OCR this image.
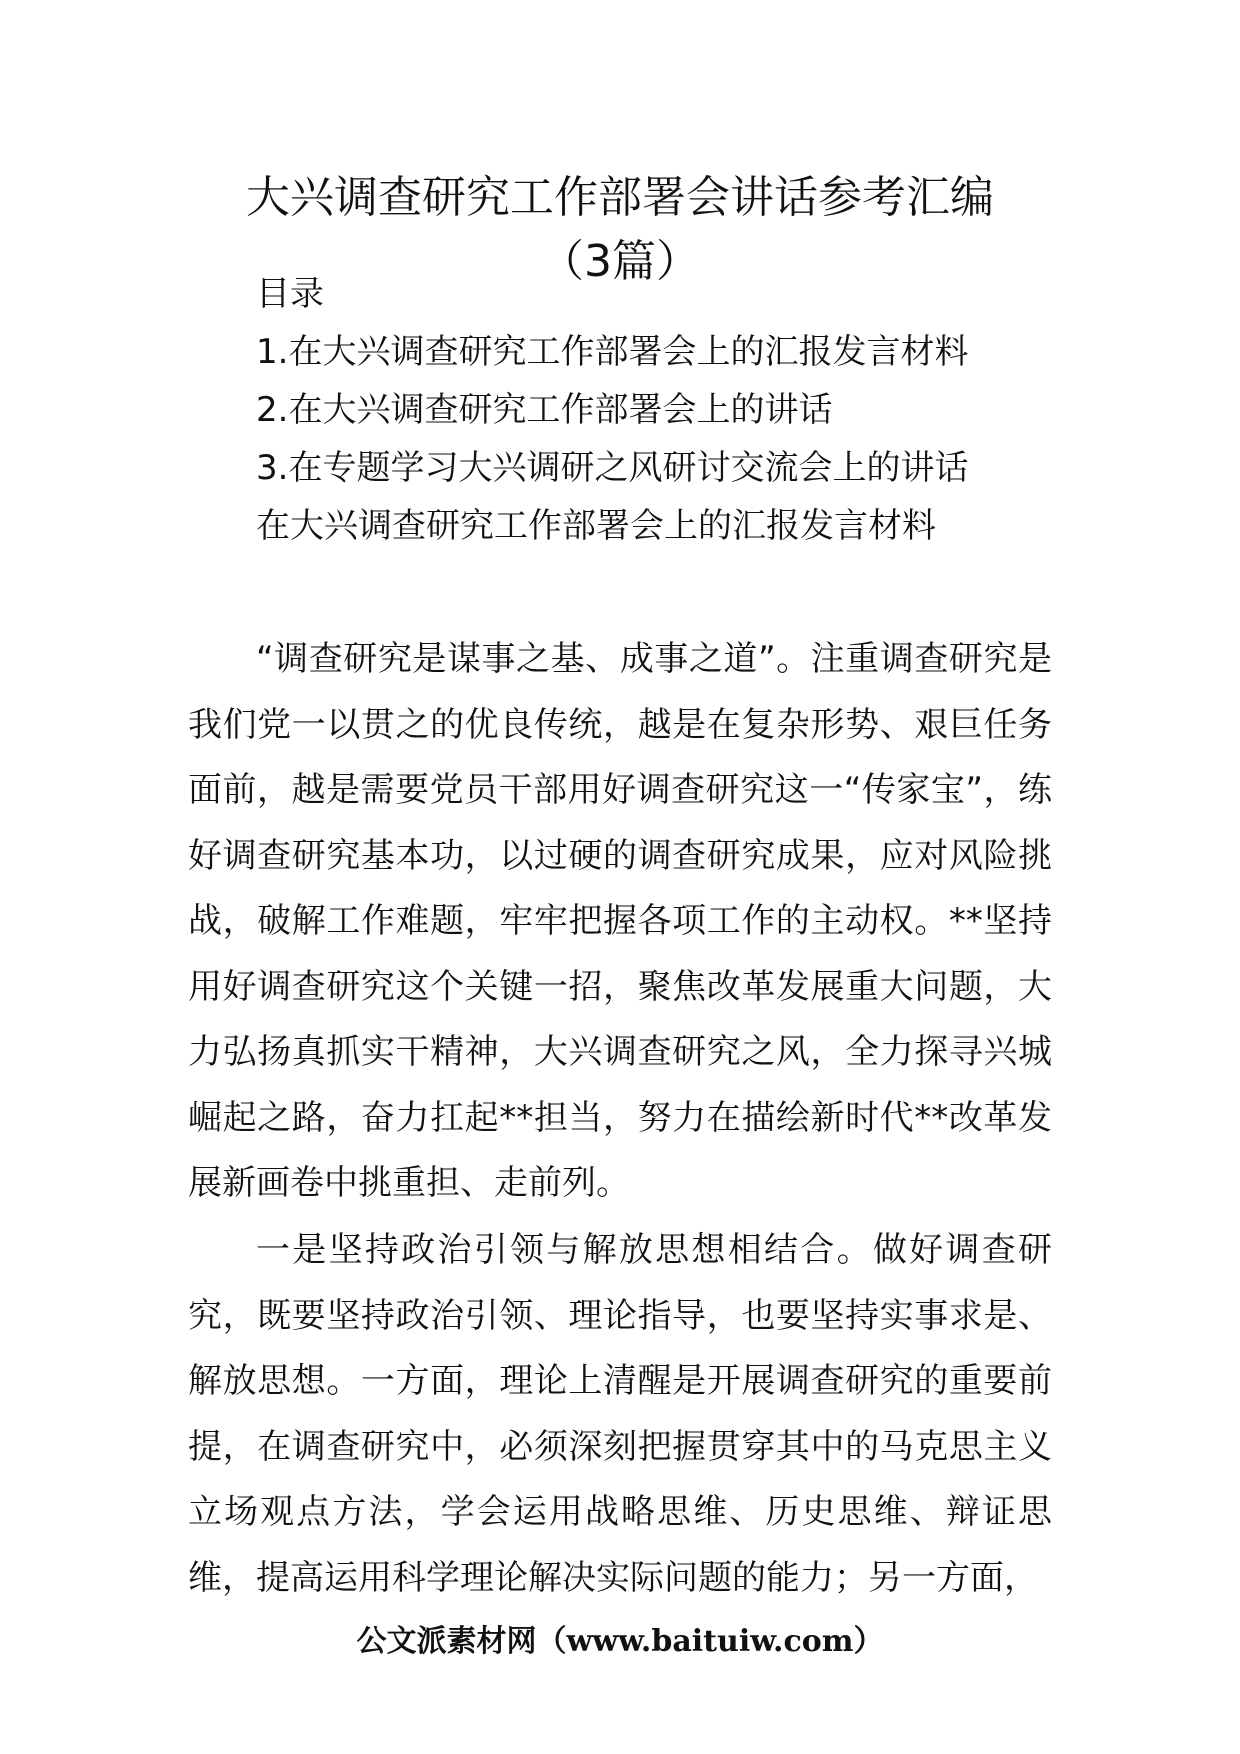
大兴调查研究工作部署会讲话参考汇编
（3篇）

目录

1.在大兴调查研究工作部署会上的汇报发言材料

2.在大兴调查研究工作部署会上的讲话

3.在专题学习大兴调研之风研讨交流会上的讲话

在大兴调查研究工作部署会上的汇报发言材料

“调查研究是谋事之基、成事之道”。注重调查研究是我们党一以贯之的优良传统，越是在复杂形势、艰巨任务面前，越是需要党员干部用好调查研究这一“传家宝”，练好调查研究基本功，以过硬的调查研究成果，应对风险挑战，破解工作难题，牢牢把握各项工作的主动权。**坚持用好调查研究这个关键一招，聚焦改革发展重大问题，大力弘扬真抓实干精神，大兴调查研究之风，全力探寻兴城崛起之路，奋力扛起**担当，努力在描绘新时代**改革发展新画卷中挑重担、走前列。

一是坚持政治引领与解放思想相结合。做好调查研究，既要坚持政治引领、理论指导，也要坚持实事求是、解放思想。一方面，理论上清醒是开展调查研究的重要前提，在调查研究中，必须深刻把握贯穿其中的马克思主义立场观点方法，学会运用战略思维、历史思维、辩证思维，提高运用科学理论解决实际问题的能力；另一方面，

公文派素材网（www.baituiw.com）
